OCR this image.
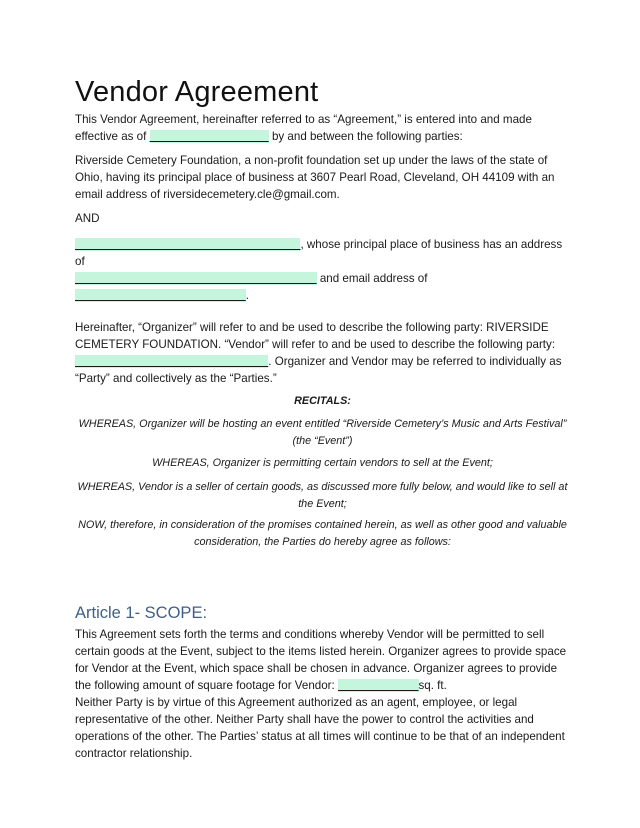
Vendor Agreement

This Vendor Agreement, hereinafter referred to as “Agreement,” is entered into and made effective as of	by and between the following parties:

Riverside Cemetery Foundation, a non-profit foundation set up under the laws of the state of Ohio, having its principal place of business at 3607 Pearl Road, Cleveland, OH 44109 with an email address of riversidecemetery.cle@gmail.com.

AND

, whose principal place of business has an address of
and email address of
.

Hereinafter, “Organizer” will refer to and be used to describe the following party: RIVERSIDE CEMETERY FOUNDATION. “Vendor” will refer to and be used to describe the following party:                                                             . Organizer and Vendor may be referred to individually as “Party” and collectively as the “Parties.”

RECITALS:

WHEREAS, Organizer will be hosting an event entitled “Riverside Cemetery’s Music and Arts Festival” (the “Event”)

WHEREAS, Organizer is permitting certain vendors to sell at the Event;

WHEREAS, Vendor is a seller of certain goods, as discussed more fully below, and would like to sell at the Event;

NOW, therefore, in consideration of the promises contained herein, as well as other good and valuable consideration, the Parties do hereby agree as follows:

Article 1- SCOPE:

This Agreement sets forth the terms and conditions whereby Vendor will be permitted to sell certain goods at the Event, subject to the items listed herein. Organizer agrees to provide space for Vendor at the Event, which space shall be chosen in advance. Organizer agrees to provide the following amount of square footage for Vendor:	sq. ft.

Neither Party is by virtue of this Agreement authorized as an agent, employee, or legal representative of the other. Neither Party shall have the power to control the activities and operations of the other. The Parties’ status at all times will continue to be that of an independent contractor relationship.
